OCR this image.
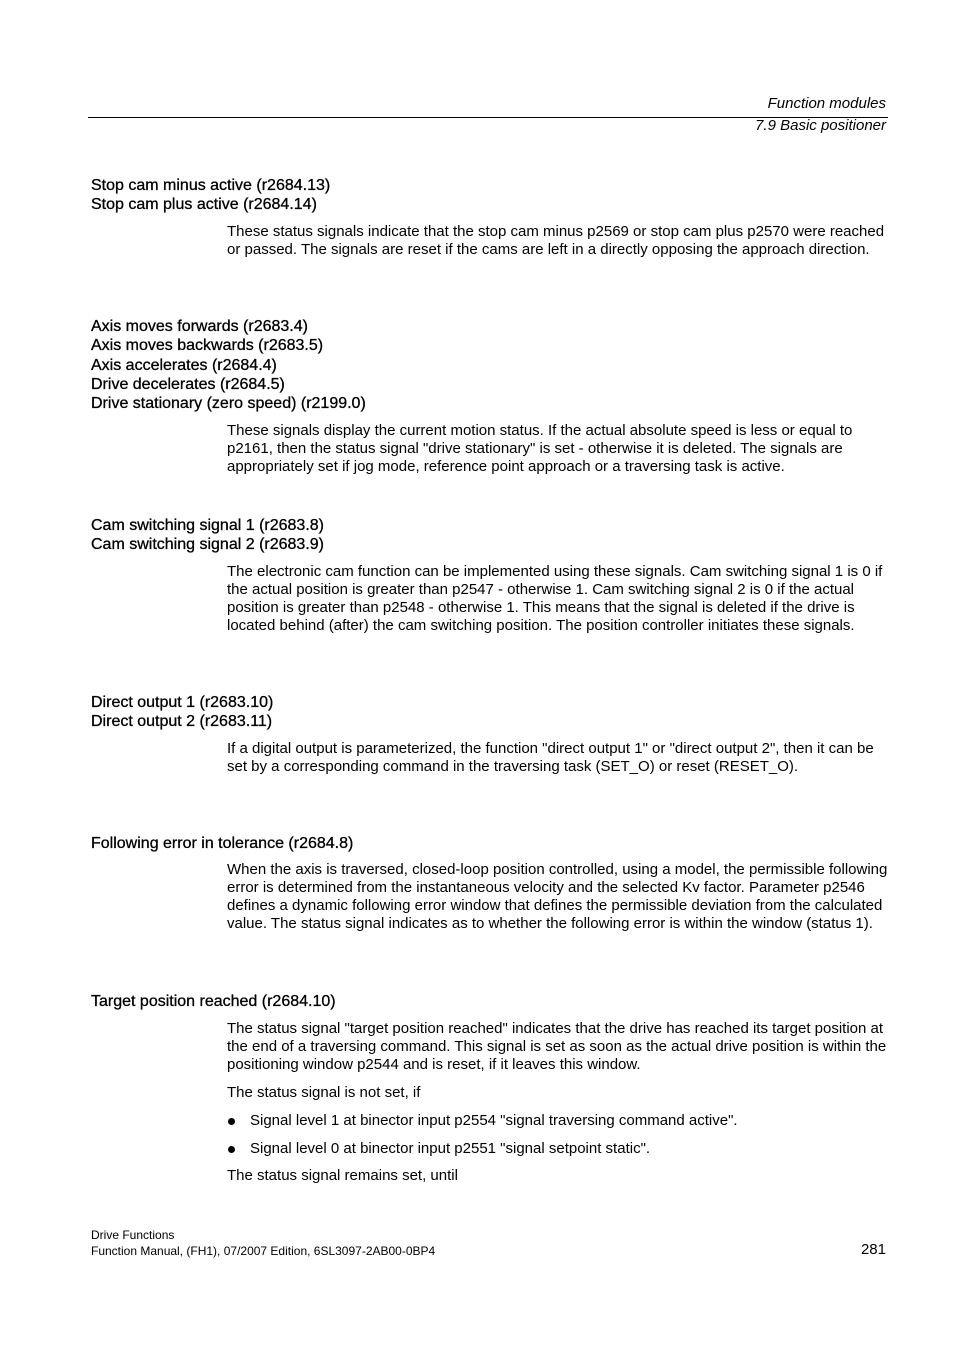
Function modules
7.9 Basic positioner
Stop cam minus active (r2684.13)
Stop cam plus active (r2684.14)

These status signals indicate that the stop cam minus p2569 or stop cam plus p2570 were reached or passed. The signals are reset if the cams are left in a directly opposing the approach direction.

Axis moves forwards (r2683.4)
Axis moves backwards (r2683.5)
Axis accelerates (r2684.4)
Drive decelerates (r2684.5)
Drive stationary (zero speed) (r2199.0)

These signals display the current motion status. If the actual absolute speed is less or equal to p2161, then the status signal "drive stationary" is set - otherwise it is deleted. The signals are appropriately set if jog mode, reference point approach or a traversing task is active.

Cam switching signal 1 (r2683.8)
Cam switching signal 2 (r2683.9)

The electronic cam function can be implemented using these signals. Cam switching signal 1 is 0 if the actual position is greater than p2547 - otherwise 1. Cam switching signal 2 is 0 if the actual position is greater than p2548 - otherwise 1. This means that the signal is deleted if the drive is located behind (after) the cam switching position. The position controller initiates these signals.

Direct output 1 (r2683.10)
Direct output 2 (r2683.11)

If a digital output is parameterized, the function "direct output 1" or "direct output 2", then it can be set by a corresponding command in the traversing task (SET_O) or reset (RESET_O).

Following error in tolerance (r2684.8)

When the axis is traversed, closed-loop position controlled, using a model, the permissible following error is determined from the instantaneous velocity and the selected Kv factor. Parameter p2546 defines a dynamic following error window that defines the permissible deviation from the calculated value. The status signal indicates as to whether the following error is within the window (status 1).

Target position reached (r2684.10)

The status signal "target position reached" indicates that the drive has reached its target position at the end of a traversing command. This signal is set as soon as the actual drive position is within the positioning window p2544 and is reset, if it leaves this window.

The status signal is not set, if

Signal level 1 at binector input p2554 "signal traversing command active".
Signal level 0 at binector input p2551 "signal setpoint static".

The status signal remains set, until

Drive Functions
Function Manual, (FH1), 07/2007 Edition, 6SL3097-2AB00-0BP4	281
